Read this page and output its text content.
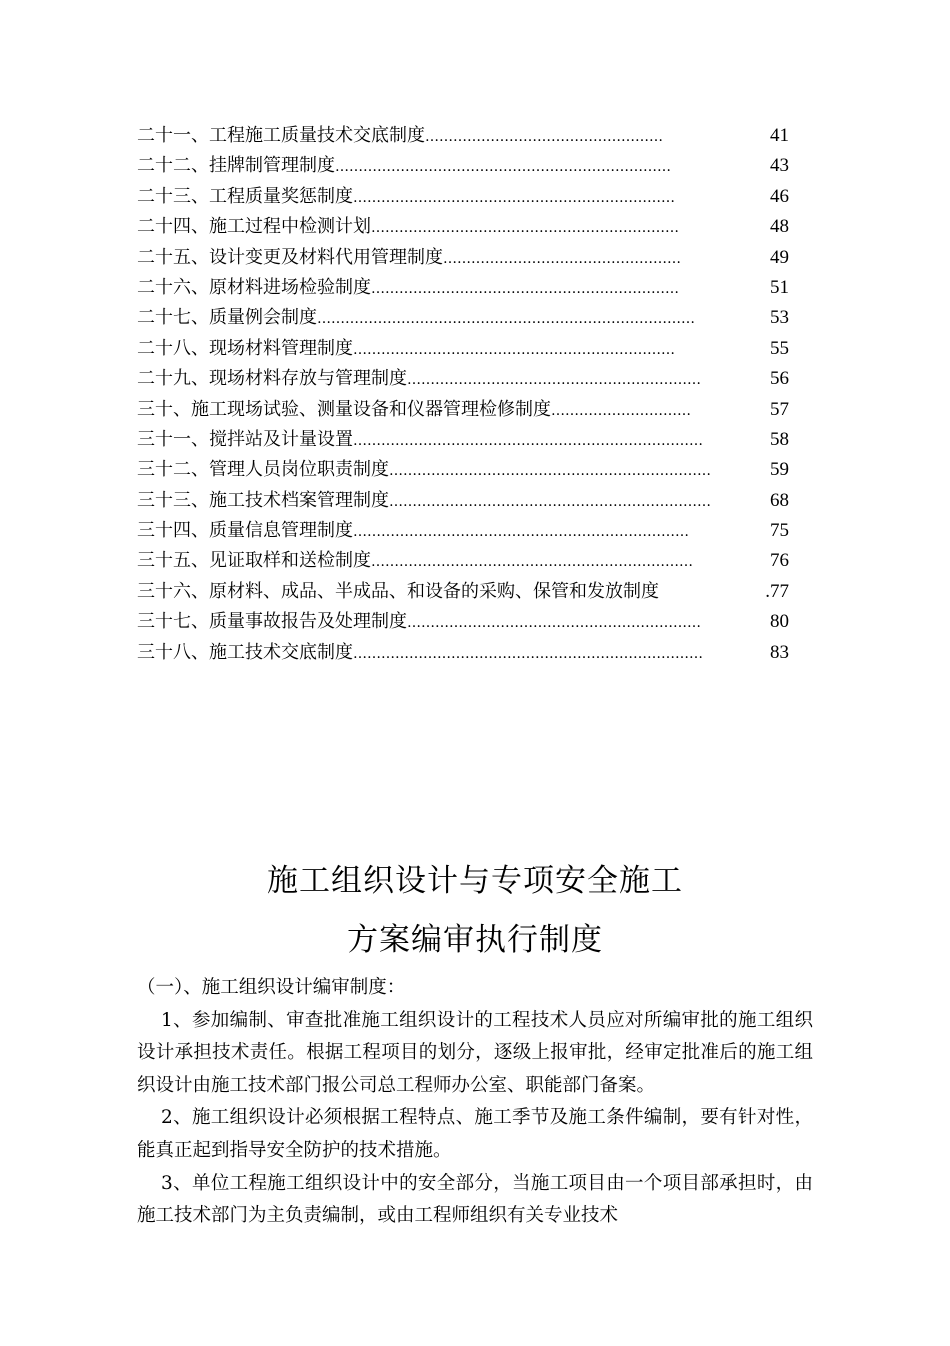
二十一、工程施工质量技术交底制度 ……………………………………………	41
二十二、挂牌制管理制度 ………………………………………………………………	43
二十三、工程质量奖惩制度 ……………………………………………………………	46
二十四、施工过程中检测计划 …………………………………………………………	48
二十五、设计变更及材料代用管理制度 ……………………………………………	49
二十六、原材料进场检验制度 …………………………………………………………	51
二十七、质量例会制度 ………………………………………………………………………	53
二十八、现场材料管理制度 ……………………………………………………………	55
二十九、现场材料存放与管理制度 ………………………………………………………	56
三十、施工现场试验、测量设备和仪器管理检修制度 …………………………	57
三十一、搅拌站及计量设置 …………………………………………………………………	58
三十二、管理人员岗位职责制度 ……………………………………………………………	59
三十三、施工技术档案管理制度 ……………………………………………………………	68
三十四、质量信息管理制度 ………………………………………………………………	75
三十五、见证取样和送检制度 ……………………………………………………………	76
三十六、原材料、成品、半成品、和设备的采购、保管和发放制度	.77
三十七、质量事故报告及处理制度 ………………………………………………………	80
三十八、施工技术交底制度 …………………………………………………………………	83
施工组织设计与专项安全施工
方案编审执行制度

（一）、施工组织设计编审制度：

1、参加编制、审查批准施工组织设计的工程技术人员应对所编审批的施工组织设计承担技术责任。根据工程项目的划分，逐级上报审批，经审定批准后的施工组织设计由施工技术部门报公司总工程师办公室、职能部门备案。

2、施工组织设计必须根据工程特点、施工季节及施工条件编制，要有针对性，能真正起到指导安全防护的技术措施。

3、单位工程施工组织设计中的安全部分，当施工项目由一个项目部承担时，由施工技术部门为主负责编制，或由工程师组织有关专业技术
